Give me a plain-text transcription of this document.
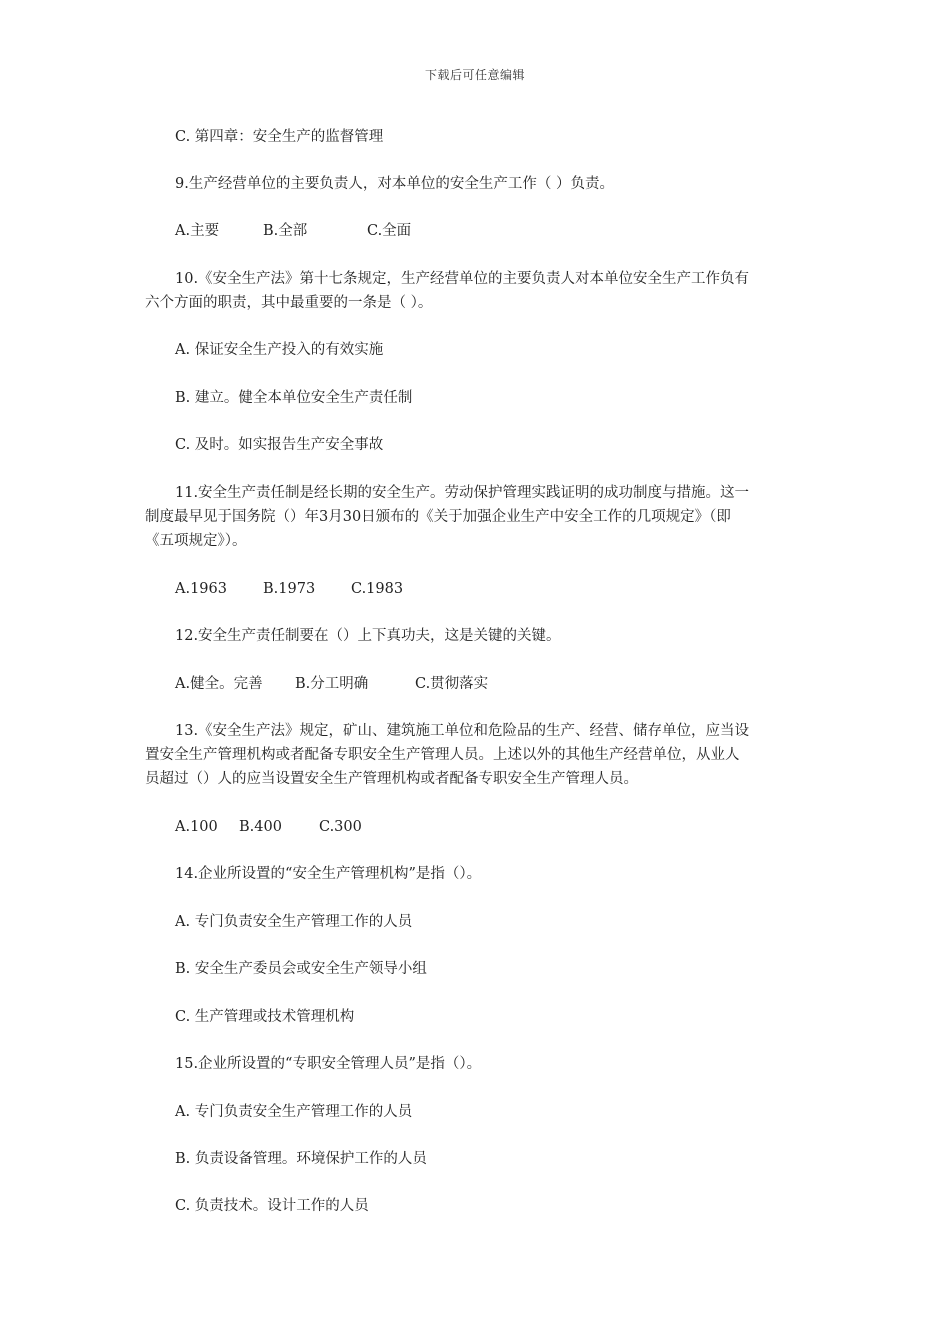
下载后可任意编辑
C. 第四章：安全生产的监督管理
9.生产经营单位的主要负责人，对本单位的安全生产工作（ ）负责。
A.主要	B.全部	C.全面
10.《安全生产法》第十七条规定，生产经营单位的主要负责人对本单位安全生产工作负有
六个方面的职责，其中最重要的一条是（ ）。
A. 保证安全生产投入的有效实施
B. 建立。健全本单位安全生产责任制
C. 及时。如实报告生产安全事故
11.安全生产责任制是经长期的安全生产。劳动保护管理实践证明的成功制度与措施。这一
制度最早见于国务院（）年3月30日颁布的《关于加强企业生产中安全工作的几项规定》（即
《五项规定》）。
A.1963 B.1973 C.1983
12.安全生产责任制要在（）上下真功夫，这是关键的关键。
A.健全。完善 B.分工明确	C.贯彻落实
13.《安全生产法》规定，矿山、建筑施工单位和危险品的生产、经营、储存单位，应当设
置安全生产管理机构或者配备专职安全生产管理人员。上述以外的其他生产经营单位，从业人
员超过（）人的应当设置安全生产管理机构或者配备专职安全生产管理人员。
A.100 B.400	C.300
14.企业所设置的“安全生产管理机构”是指（）。
A. 专门负责安全生产管理工作的人员
B. 安全生产委员会或安全生产领导小组
C. 生产管理或技术管理机构
15.企业所设置的“专职安全管理人员”是指（）。
A. 专门负责安全生产管理工作的人员
B. 负责设备管理。环境保护工作的人员
C. 负责技术。设计工作的人员
